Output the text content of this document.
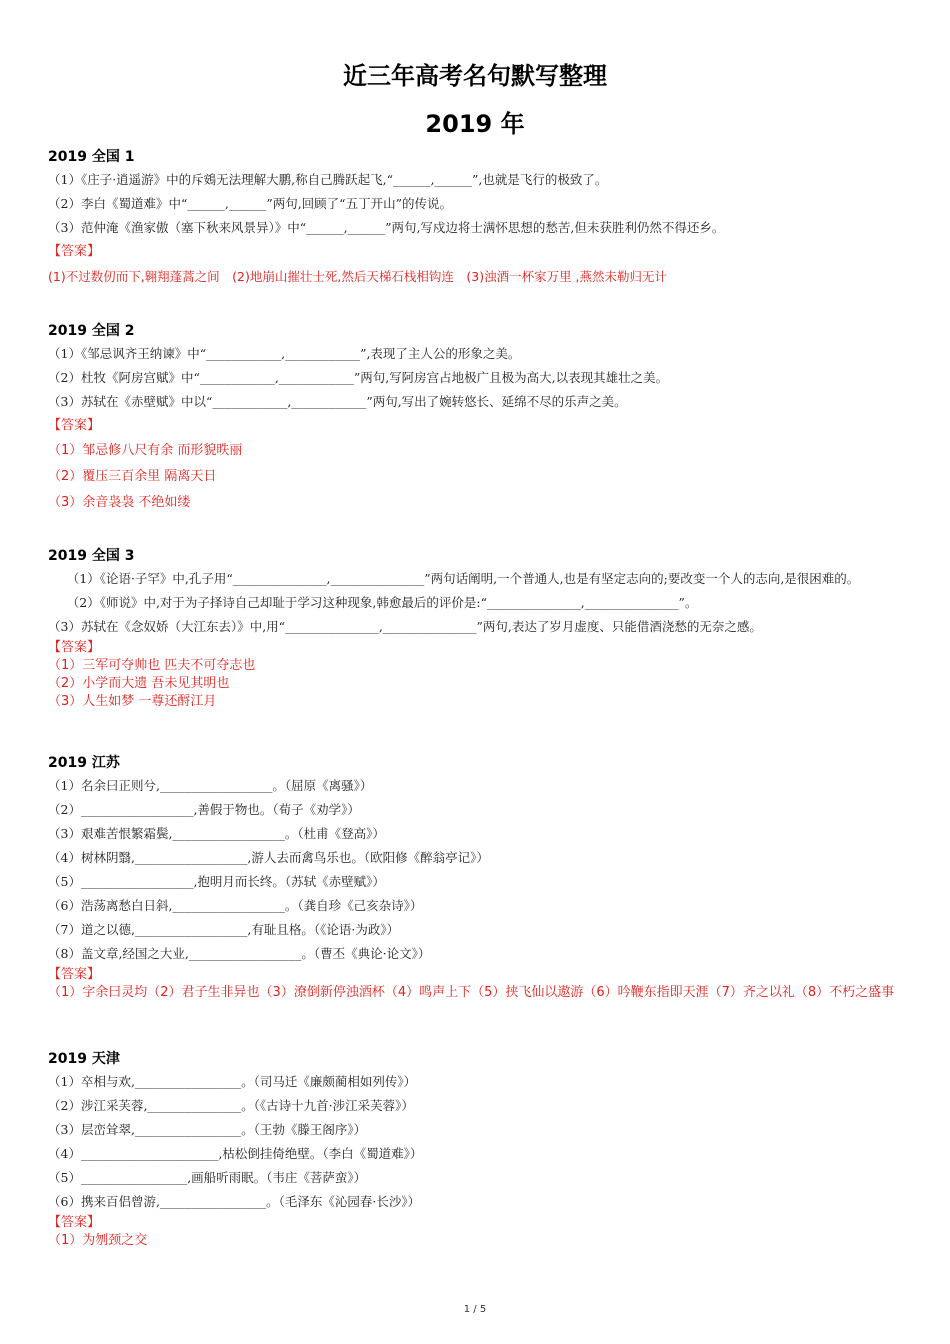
近三年高考名句默写整理
2019 年
2019 全国 1
（1）《庄子·逍遥游》中的斥鴳无法理解大鹏,称自己腾跃起飞,“______,______”,也就是飞行的极致了。
（2）李白《蜀道难》中“______,______”两句,回顾了“五丁开山”的传说。
（3）范仲淹《渔家傲（塞下秋来风景异）》中“______,______”两句,写戍边将士满怀思想的愁苦,但未获胜利仍然不得还乡。
【答案】
(1)不过数仞而下,翱翔蓬蒿之间　(2)地崩山摧壮士死,然后天梯石栈相钩连　(3)浊酒一杯家万里 ,燕然未勒归无计
2019 全国 2
（1）《邹忌讽齐王纳谏》中“____________,____________”,表现了主人公的形象之美。
（2）杜牧《阿房宫赋》中“____________,____________”两句,写阿房宫占地极广且极为高大,以表现其雄壮之美。
（3）苏轼在《赤壁赋》中以“____________,____________”两句,写出了婉转悠长、延绵不尽的乐声之美。
【答案】
（1）邹忌修八尺有余 而形貌昳丽
（2）覆压三百余里 隔离天日
（3）余音袅袅 不绝如缕
2019 全国 3
　　（1）《论语·子罕》中,孔子用“_______________,_______________”两句话阐明,一个普通人,也是有坚定志向的;要改变一个人的志向,是很困难的。
　　（2）《师说》中,对于为子择诗自己却耻于学习这种现象,韩愈最后的评价是:“_______________,_______________”。
（3）苏轼在《念奴娇（大江东去）》中,用“_______________,_______________”两句,表达了岁月虚度、只能借酒浇愁的无奈之感。
【答案】
（1）三军可夺帅也 匹夫不可夺志也
（2）小学而大遗 吾未见其明也
（3）人生如梦 一尊还酹江月
2019 江苏
（1）名余曰正则兮,__________________。（屈原《离骚》）
（2）__________________,善假于物也。（荀子《劝学》）
（3）艰难苦恨繁霜鬓,__________________。（杜甫《登高》）
（4）树林阴翳,__________________,游人去而禽鸟乐也。（欧阳修《醉翁亭记》）
（5）__________________,抱明月而长终。（苏轼《赤壁赋》）
（6）浩荡离愁白日斜,__________________。（龚自珍《己亥杂诗》）
（7）道之以德,__________________,有耻且格。（《论语·为政》）
（8）盖文章,经国之大业,__________________。（曹丕《典论·论文》）
【答案】
（1）字余曰灵均（2）君子生非异也（3）潦倒新停浊酒杯（4）鸣声上下（5）挟飞仙以遨游（6）吟鞭东指即天涯（7）齐之以礼（8）不朽之盛事
2019 天津
（1）卒相与欢,_________________。（司马迁《廉颇蔺相如列传》）
（2）涉江采芙蓉,_______________。（《古诗十九首·涉江采芙蓉》）
（3）层峦耸翠,_________________。（王勃《滕王阁序》）
（4）______________________,枯松倒挂倚绝壁。（李白《蜀道难》）
（5）_________________,画船听雨眠。（韦庄《菩萨蛮》）
（6）携来百侣曾游,_________________。（毛泽东《沁园春·长沙》）
【答案】
（1）为刎颈之交
1 / 5
